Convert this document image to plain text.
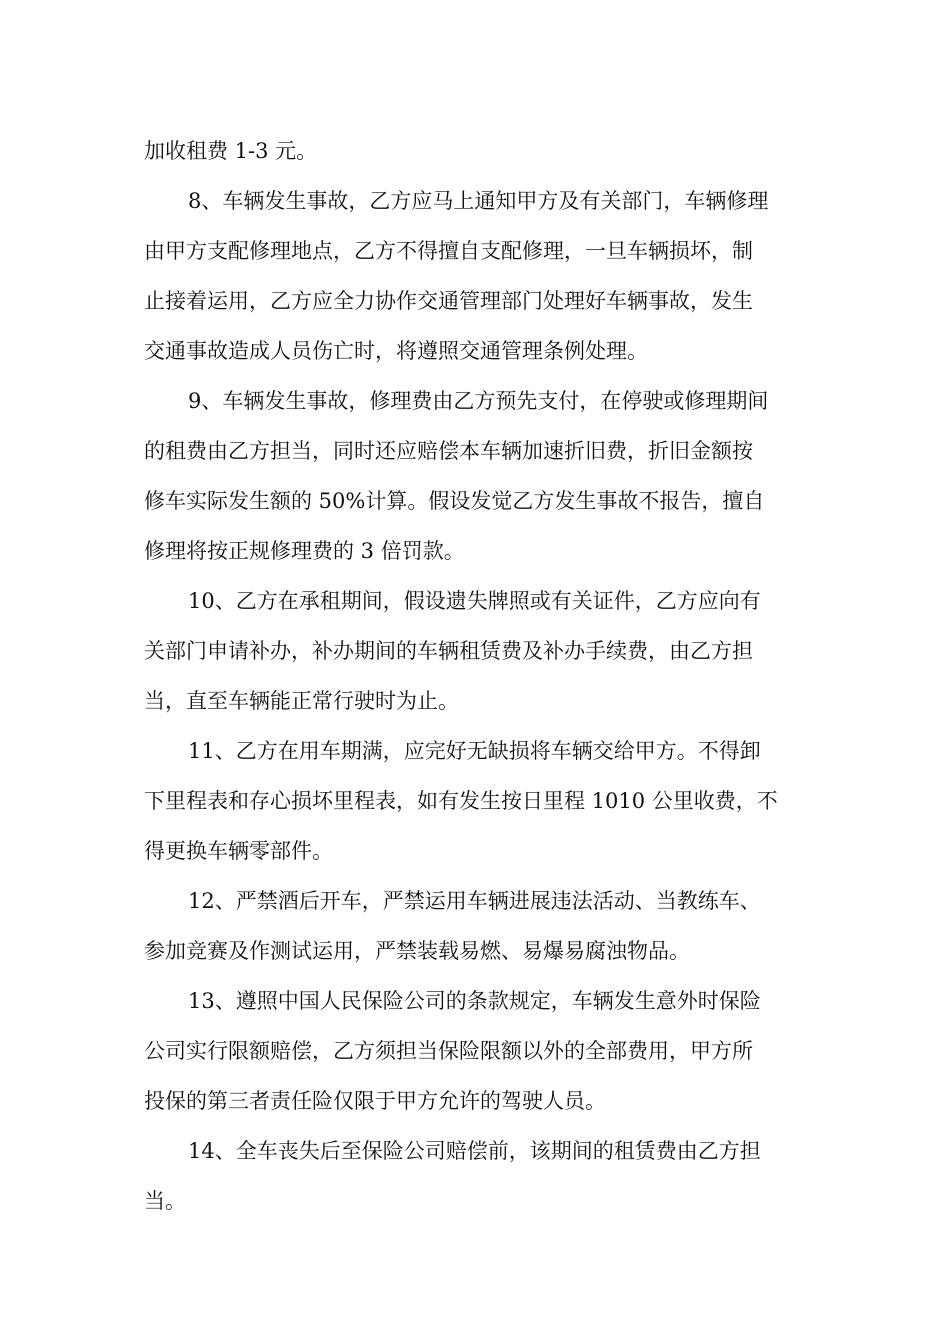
加收租费 1-3 元。
8、车辆发生事故，乙方应马上通知甲方及有关部门，车辆修理
由甲方支配修理地点，乙方不得擅自支配修理，一旦车辆损坏，制
止接着运用，乙方应全力协作交通管理部门处理好车辆事故，发生
交通事故造成人员伤亡时，将遵照交通管理条例处理。
9、车辆发生事故，修理费由乙方预先支付，在停驶或修理期间
的租费由乙方担当，同时还应赔偿本车辆加速折旧费，折旧金额按
修车实际发生额的 50%计算。假设发觉乙方发生事故不报告，擅自
修理将按正规修理费的 3 倍罚款。
10、乙方在承租期间，假设遗失牌照或有关证件，乙方应向有
关部门申请补办，补办期间的车辆租赁费及补办手续费，由乙方担
当，直至车辆能正常行驶时为止。
11、乙方在用车期满，应完好无缺损将车辆交给甲方。不得卸
下里程表和存心损坏里程表，如有发生按日里程 1010 公里收费，不
得更换车辆零部件。
12、严禁酒后开车，严禁运用车辆进展违法活动、当教练车、
参加竞赛及作测试运用，严禁装载易燃、易爆易腐浊物品。
13、遵照中国人民保险公司的条款规定，车辆发生意外时保险
公司实行限额赔偿，乙方须担当保险限额以外的全部费用，甲方所
投保的第三者责任险仅限于甲方允许的驾驶人员。
14、全车丧失后至保险公司赔偿前，该期间的租赁费由乙方担
当。
